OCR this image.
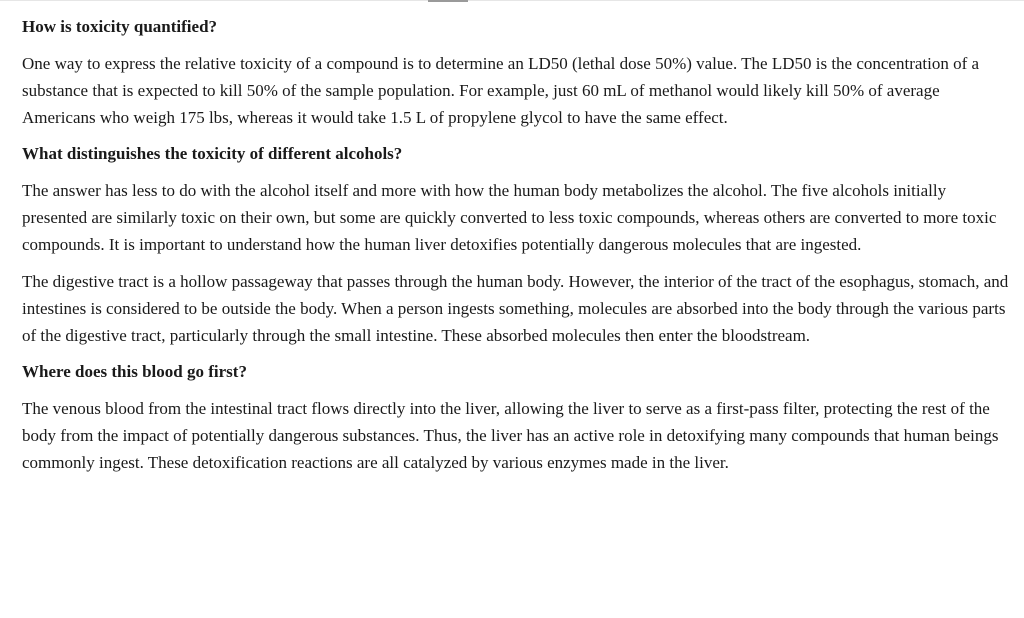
How is toxicity quantified?

One way to express the relative toxicity of a compound is to determine an LD50 (lethal dose 50%) value. The LD50 is the concentration of a substance that is expected to kill 50% of the sample population. For example, just 60 mL of methanol would likely kill 50% of average Americans who weigh 175 lbs, whereas it would take 1.5 L of propylene glycol to have the same effect.

What distinguishes the toxicity of different alcohols?

The answer has less to do with the alcohol itself and more with how the human body metabolizes the alcohol. The five alcohols initially presented are similarly toxic on their own, but some are quickly converted to less toxic compounds, whereas others are converted to more toxic compounds. It is important to understand how the human liver detoxifies potentially dangerous molecules that are ingested.

The digestive tract is a hollow passageway that passes through the human body. However, the interior of the tract of the esophagus, stomach, and intestines is considered to be outside the body. When a person ingests something, molecules are absorbed into the body through the various parts of the digestive tract, particularly through the small intestine. These absorbed molecules then enter the bloodstream.

Where does this blood go first?

The venous blood from the intestinal tract flows directly into the liver, allowing the liver to serve as a first-pass filter, protecting the rest of the body from the impact of potentially dangerous substances. Thus, the liver has an active role in detoxifying many compounds that human beings commonly ingest. These detoxification reactions are all catalyzed by various enzymes made in the liver.
